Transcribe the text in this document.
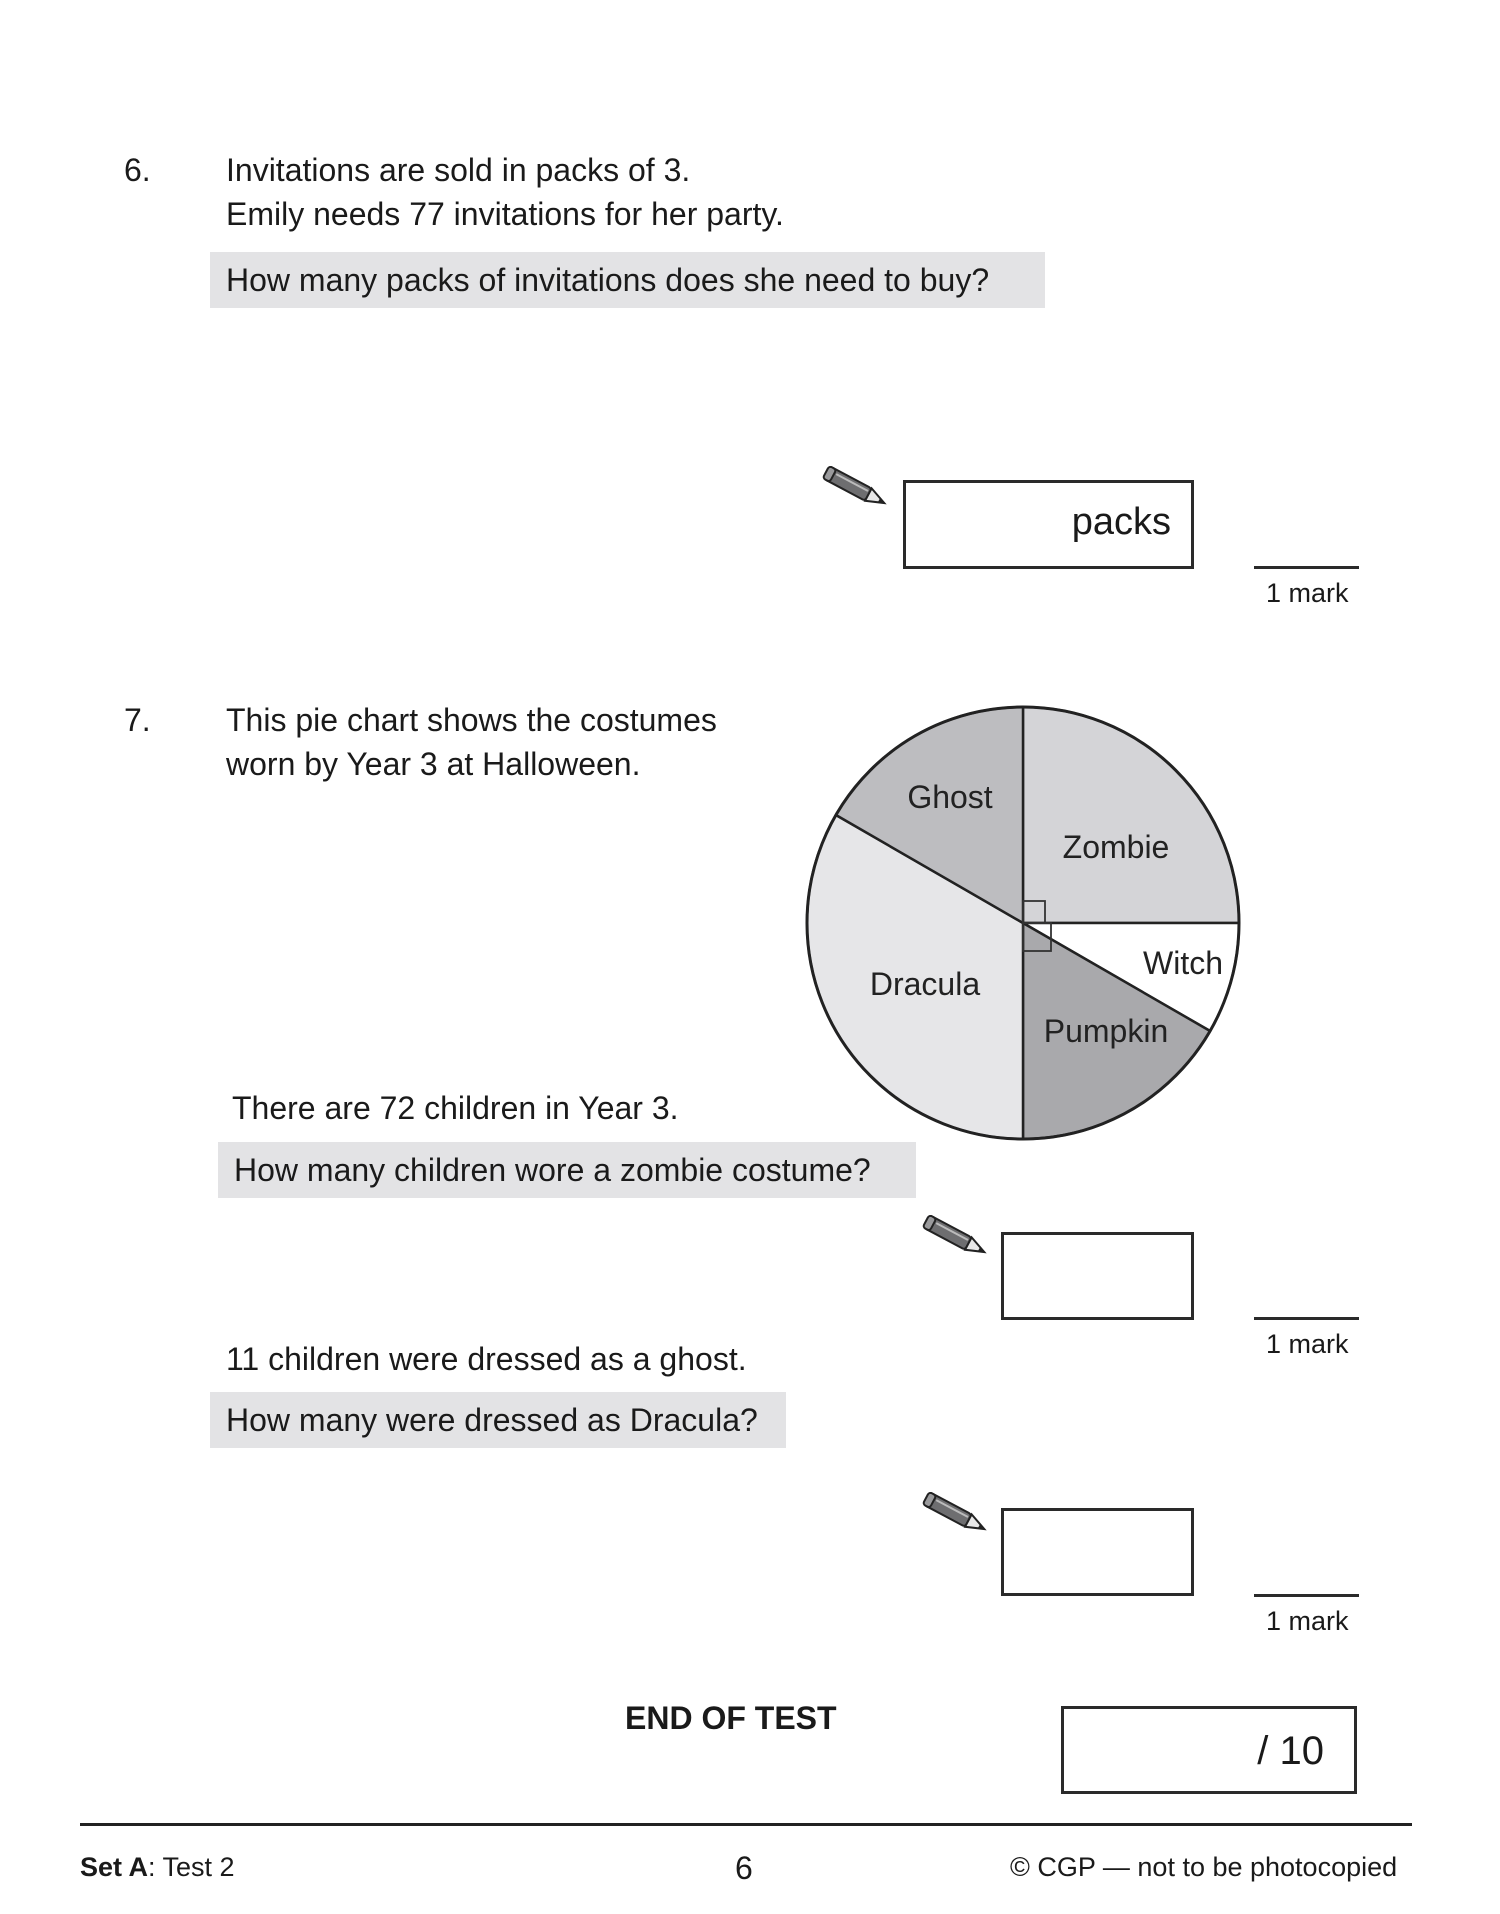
6. Invitations are sold in packs of 3.
Emily needs 77 invitations for her party.
How many packs of invitations does she need to buy?
packs
1 mark
7. This pie chart shows the costumes
worn by Year 3 at Halloween.
Ghost
Zombie
Witch
Dracula
Pumpkin
There are 72 children in Year 3.
How many children wore a zombie costume?
1 mark
11 children were dressed as a ghost.
How many were dressed as Dracula?
1 mark
END OF TEST
/ 10
Set A: Test 2	6	© CGP — not to be photocopied
